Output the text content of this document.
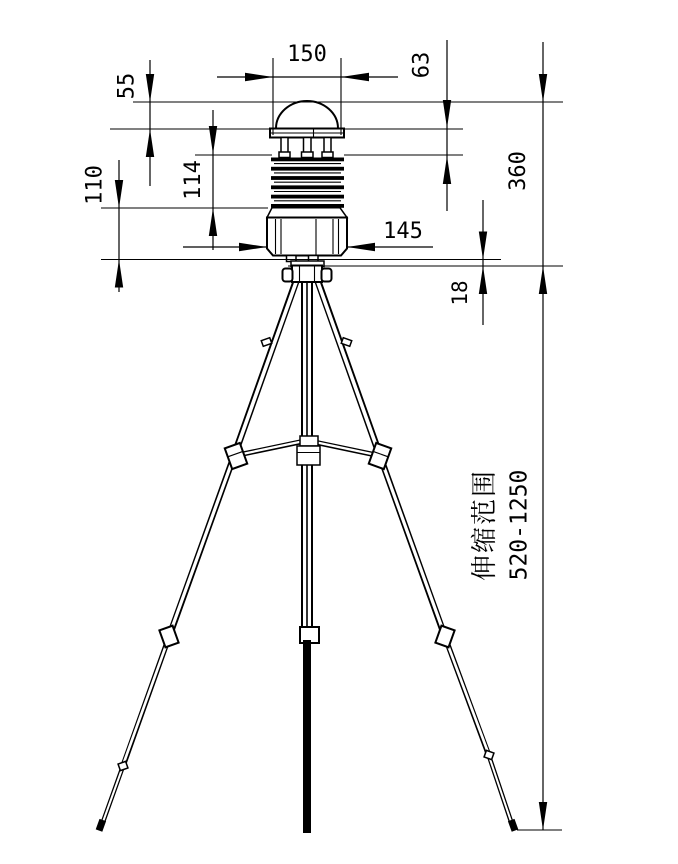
150
145
55
110	114
63
360
18
伸缩范围 520-1250
